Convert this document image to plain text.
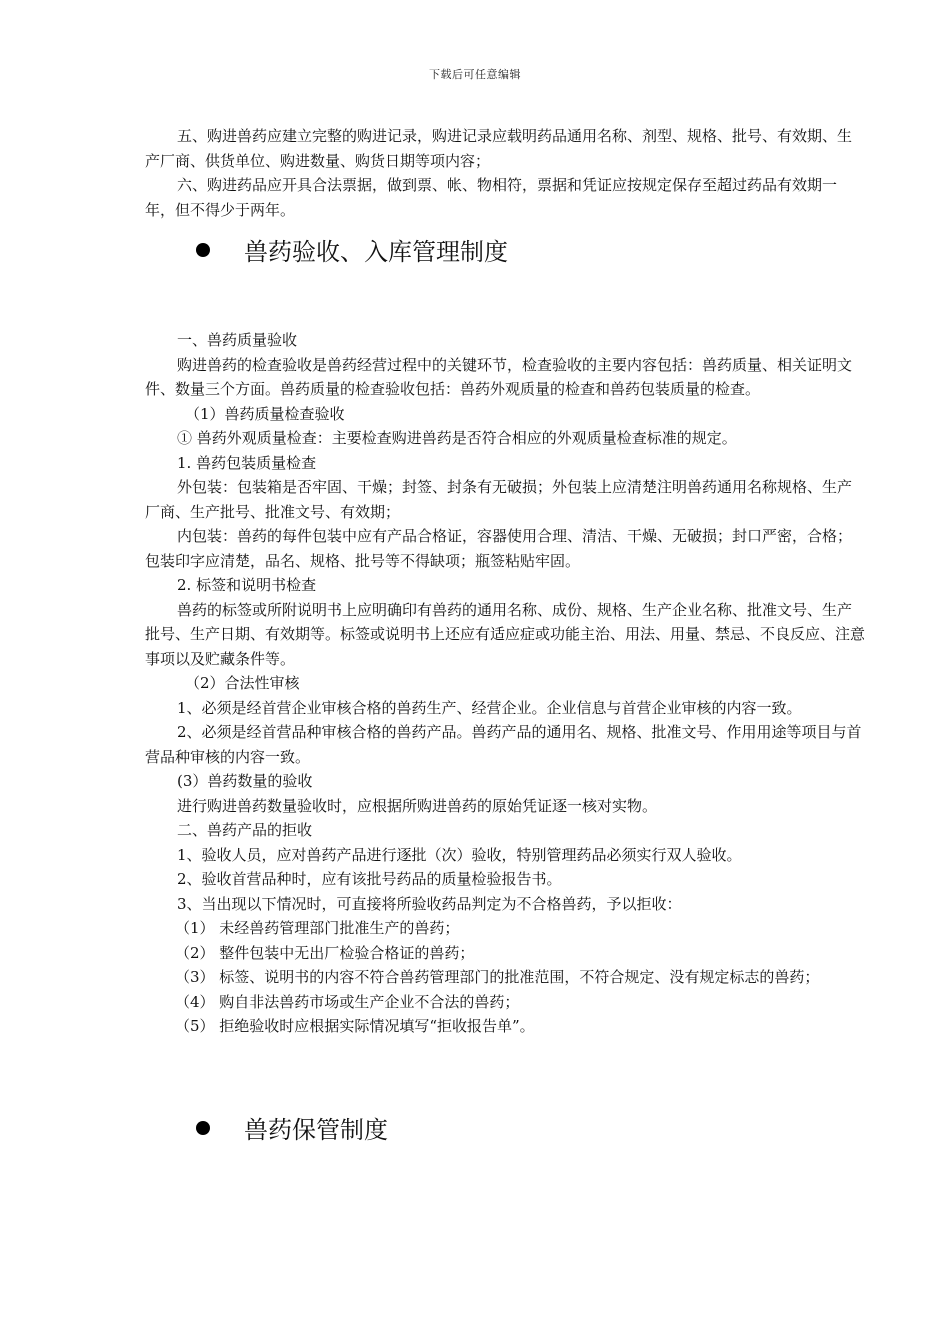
下载后可任意编辑

五、购进兽药应建立完整的购进记录，购进记录应载明药品通用名称、剂型、规格、批号、有效期、生产厂商、供货单位、购进数量、购货日期等项内容；

六、购进药品应开具合法票据，做到票、帐、物相符，票据和凭证应按规定保存至超过药品有效期一年，但不得少于两年。

兽药验收、入库管理制度

一、兽药质量验收

购进兽药的检查验收是兽药经营过程中的关键环节，检查验收的主要内容包括：兽药质量、相关证明文件、数量三个方面。兽药质量的检查验收包括：兽药外观质量的检查和兽药包装质量的检查。

（1）兽药质量检查验收

① 兽药外观质量检查：主要检查购进兽药是否符合相应的外观质量检查标准的规定。

1. 兽药包装质量检查

外包装：包装箱是否牢固、干燥；封签、封条有无破损；外包装上应清楚注明兽药通用名称规格、生产厂商、生产批号、批准文号、有效期；

内包装：兽药的每件包装中应有产品合格证，容器使用合理、清洁、干燥、无破损；封口严密，合格；包装印字应清楚，品名、规格、批号等不得缺项；瓶签粘贴牢固。

2. 标签和说明书检查

兽药的标签或所附说明书上应明确印有兽药的通用名称、成份、规格、生产企业名称、批准文号、生产批号、生产日期、有效期等。标签或说明书上还应有适应症或功能主治、用法、用量、禁忌、不良反应、注意事项以及贮藏条件等。

（2）合法性审核

1、必须是经首营企业审核合格的兽药生产、经营企业。企业信息与首营企业审核的内容一致。

2、必须是经首营品种审核合格的兽药产品。兽药产品的通用名、规格、批准文号、作用用途等项目与首营品种审核的内容一致。

(3）兽药数量的验收

进行购进兽药数量验收时，应根据所购进兽药的原始凭证逐一核对实物。

二、兽药产品的拒收

1、验收人员，应对兽药产品进行逐批（次）验收，特别管理药品必须实行双人验收。

2、验收首营品种时，应有该批号药品的质量检验报告书。

3、当出现以下情况时，可直接将所验收药品判定为不合格兽药，予以拒收：

（1） 未经兽药管理部门批准生产的兽药；

（2） 整件包装中无出厂检验合格证的兽药；

（3） 标签、说明书的内容不符合兽药管理部门的批准范围，不符合规定、没有规定标志的兽药；

（4） 购自非法兽药市场或生产企业不合法的兽药；

（5） 拒绝验收时应根据实际情况填写“拒收报告单”。

兽药保管制度
